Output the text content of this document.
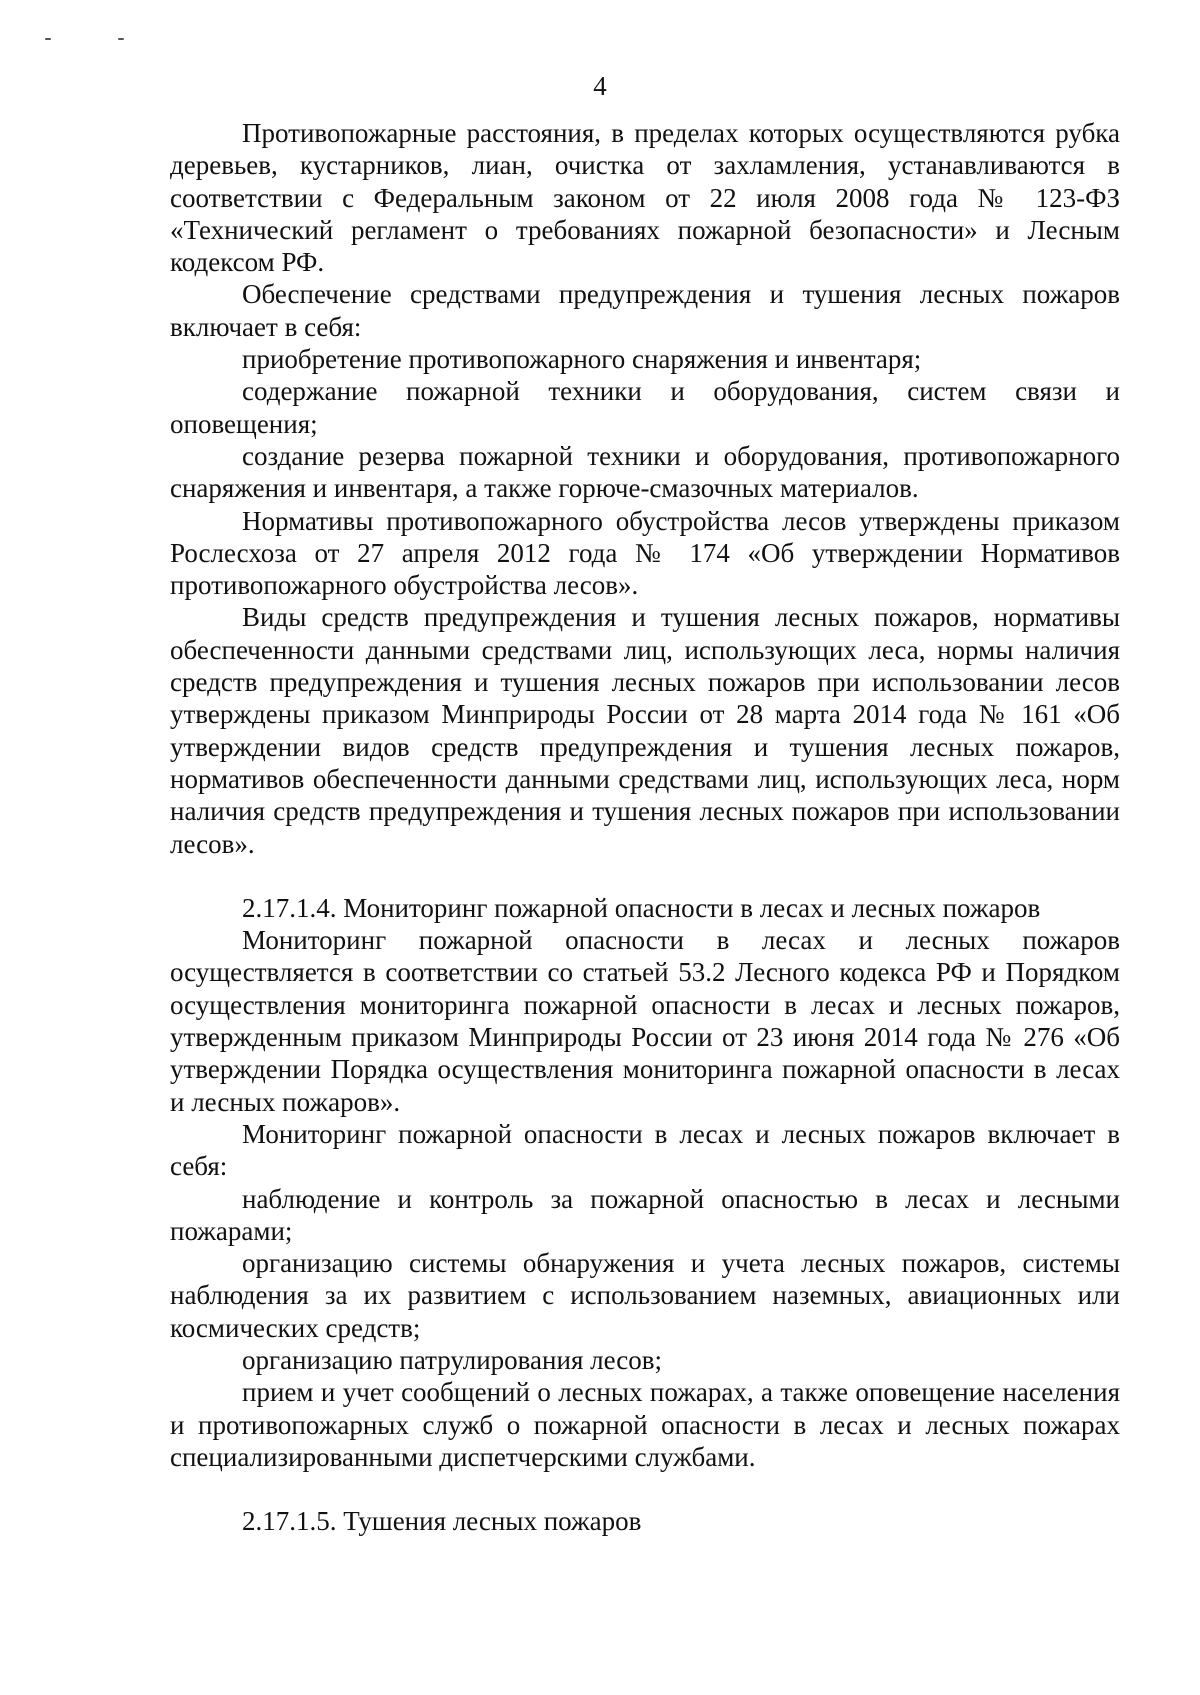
4

Противопожарные расстояния, в пределах которых осуществляются рубка деревьев, кустарников, лиан, очистка от захламления, устанавливаются в соответствии с Федеральным законом от 22 июля 2008 года № 123-ФЗ «Технический регламент о требованиях пожарной безопасности» и Лесным кодексом РФ.

Обеспечение средствами предупреждения и тушения лесных пожаров включает в себя:

приобретение противопожарного снаряжения и инвентаря;

содержание пожарной техники и оборудования, систем связи и оповещения;

создание резерва пожарной техники и оборудования, противопожарного снаряжения и инвентаря, а также горюче-смазочных материалов.

Нормативы противопожарного обустройства лесов утверждены приказом Рослесхоза от 27 апреля 2012 года № 174 «Об утверждении Нормативов противопожарного обустройства лесов».

Виды средств предупреждения и тушения лесных пожаров, нормативы обеспеченности данными средствами лиц, использующих леса, нормы наличия средств предупреждения и тушения лесных пожаров при использовании лесов утверждены приказом Минприроды России от 28 марта 2014 года № 161 «Об утверждении видов средств предупреждения и тушения лесных пожаров, нормативов обеспеченности данными средствами лиц, использующих леса, норм наличия средств предупреждения и тушения лесных пожаров при использовании лесов».

2.17.1.4. Мониторинг пожарной опасности в лесах и лесных пожаров

Мониторинг пожарной опасности в лесах и лесных пожаров осуществляется в соответствии со статьей 53.2 Лесного кодекса РФ и Порядком осуществления мониторинга пожарной опасности в лесах и лесных пожаров, утвержденным приказом Минприроды России от 23 июня 2014 года № 276 «Об утверждении Порядка осуществления мониторинга пожарной опасности в лесах и лесных пожаров».

Мониторинг пожарной опасности в лесах и лесных пожаров включает в себя:

наблюдение и контроль за пожарной опасностью в лесах и лесными пожарами;

организацию системы обнаружения и учета лесных пожаров, системы наблюдения за их развитием с использованием наземных, авиационных или космических средств;

организацию патрулирования лесов;

прием и учет сообщений о лесных пожарах, а также оповещение населения и противопожарных служб о пожарной опасности в лесах и лесных пожарах специализированными диспетчерскими службами.

2.17.1.5. Тушения лесных пожаров
